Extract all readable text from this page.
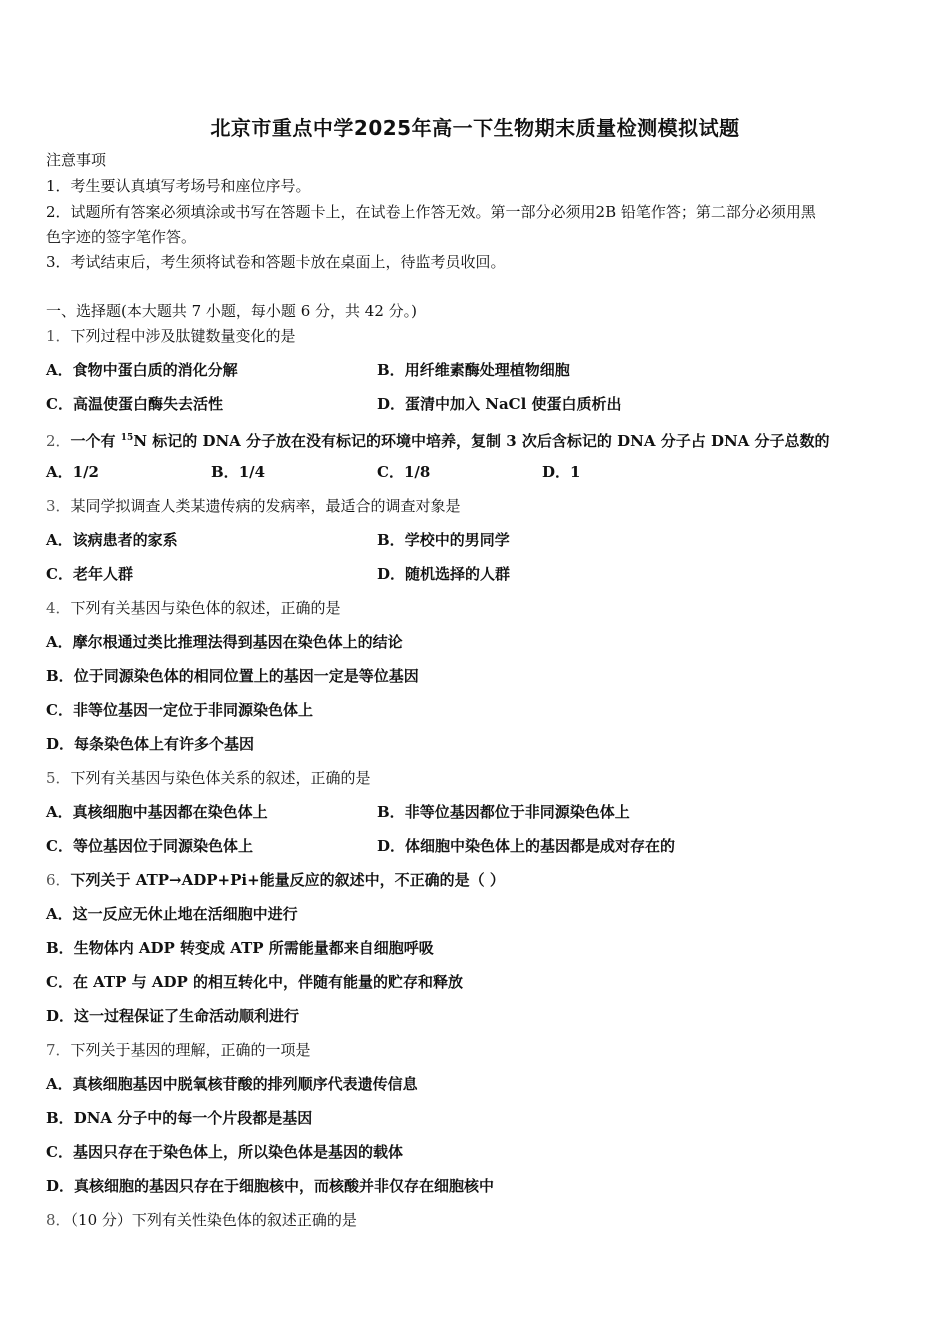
北京市重点中学2025年高一下生物期末质量检测模拟试题
注意事项
1．考生要认真填写考场号和座位序号。
2．试题所有答案必须填涂或书写在答题卡上，在试卷上作答无效。第一部分必须用2B 铅笔作答；第二部分必须用黑
色字迹的签字笔作答。
3．考试结束后，考生须将试卷和答题卡放在桌面上，待监考员收回。
一、选择题(本大题共 7 小题，每小题 6 分，共 42 分。)
1．下列过程中涉及肽键数量变化的是
A．食物中蛋白质的消化分解	B．用纤维素酶处理植物细胞
C．高温使蛋白酶失去活性	D．蛋清中加入 NaCl 使蛋白质析出
2．一个有 $^{15}$N 标记的 DNA 分子放在没有标记的环境中培养，复制 3 次后含标记的 DNA 分子占 DNA 分子总数的
A．1/2	B．1/4	C．1/8	D．1
3．某同学拟调查人类某遗传病的发病率，最适合的调查对象是
A．该病患者的家系	B．学校中的男同学
C．老年人群	D．随机选择的人群
4．下列有关基因与染色体的叙述，正确的是
A．摩尔根通过类比推理法得到基因在染色体上的结论
B．位于同源染色体的相同位置上的基因一定是等位基因
C．非等位基因一定位于非同源染色体上
D．每条染色体上有许多个基因
5．下列有关基因与染色体关系的叙述，正确的是
A．真核细胞中基因都在染色体上	B．非等位基因都位于非同源染色体上
C．等位基因位于同源染色体上	D．体细胞中染色体上的基因都是成对存在的
6．下列关于 ATP→ADP+Pi+能量反应的叙述中，不正确的是（ ）
A．这一反应无休止地在活细胞中进行
B．生物体内 ADP 转变成 ATP 所需能量都来自细胞呼吸
C．在 ATP 与 ADP 的相互转化中，伴随有能量的贮存和释放
D．这一过程保证了生命活动顺利进行
7．下列关于基因的理解，正确的一项是
A．真核细胞基因中脱氧核苷酸的排列顺序代表遗传信息
B．DNA 分子中的每一个片段都是基因
C．基因只存在于染色体上，所以染色体是基因的载体
D．真核细胞的基因只存在于细胞核中，而核酸并非仅存在细胞核中
8．（10 分）下列有关性染色体的叙述正确的是
